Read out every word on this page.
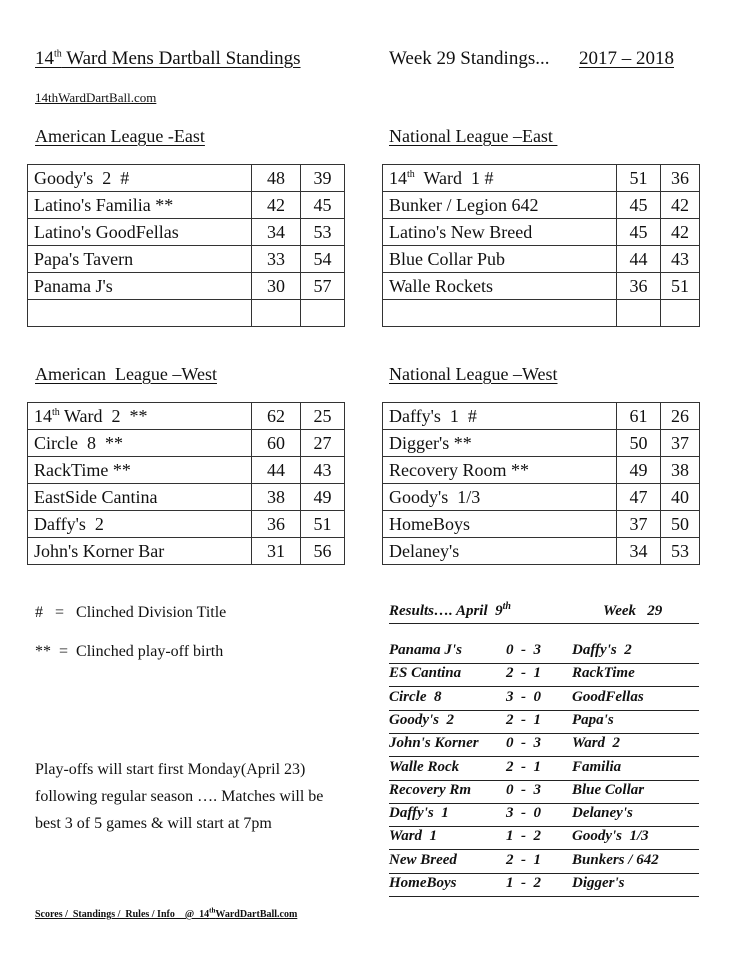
14th Ward Mens Dartball Standings	Week 29 Standings... 2017 – 2018
14thWardDartBall.com
American League -East	National League –East
American  League –West	National League –West
Goody's  2  #	48	39
Latino's Familia **	42	45
Latino's GoodFellas	34	53
Papa's Tavern	33	54
Panama J's	30	57

14th  Ward  1 #	51	36
Bunker / Legion 642	45	42
Latino's New Breed	45	42
Blue Collar Pub	44	43
Walle Rockets	36	51

14th Ward  2  **	62	25
Circle  8  **	60	27
RackTime **	44	43
EastSide Cantina	38	49
Daffy's  2	36	51
John's Korner Bar	31	56
Daffy's  1  #	61	26
Digger's **	50	37
Recovery Room **	49	38
Goody's  1/3	47	40
HomeBoys	37	50
Delaney's	34	53
#   =   Clinched Division Title
**  =  Clinched play-off birth
Play-offs will start first Monday(April 23) following regular season …. Matches will be best 3 of 5 games & will start at 7pm
Results…. April  9th	Week   29
Panama J's	0  -  3 Daffy's  2
ES Cantina	2  -  1 RackTime
Circle  8	3  -  0 GoodFellas
Goody's  2	2  -  1 Papa's
John's Korner 0  -  3 Ward  2
Walle Rock	2  -  1 Familia
Recovery Rm 0  -  3 Blue Collar
Daffy's  1	3  -  0 Delaney's
Ward  1	1  -  2 Goody's  1/3
New Breed	2  -  1 Bunkers / 642
HomeBoys	1  -  2 Digger's
Scores /  Standings /  Rules / Info    @  14thWardDartBall.com
